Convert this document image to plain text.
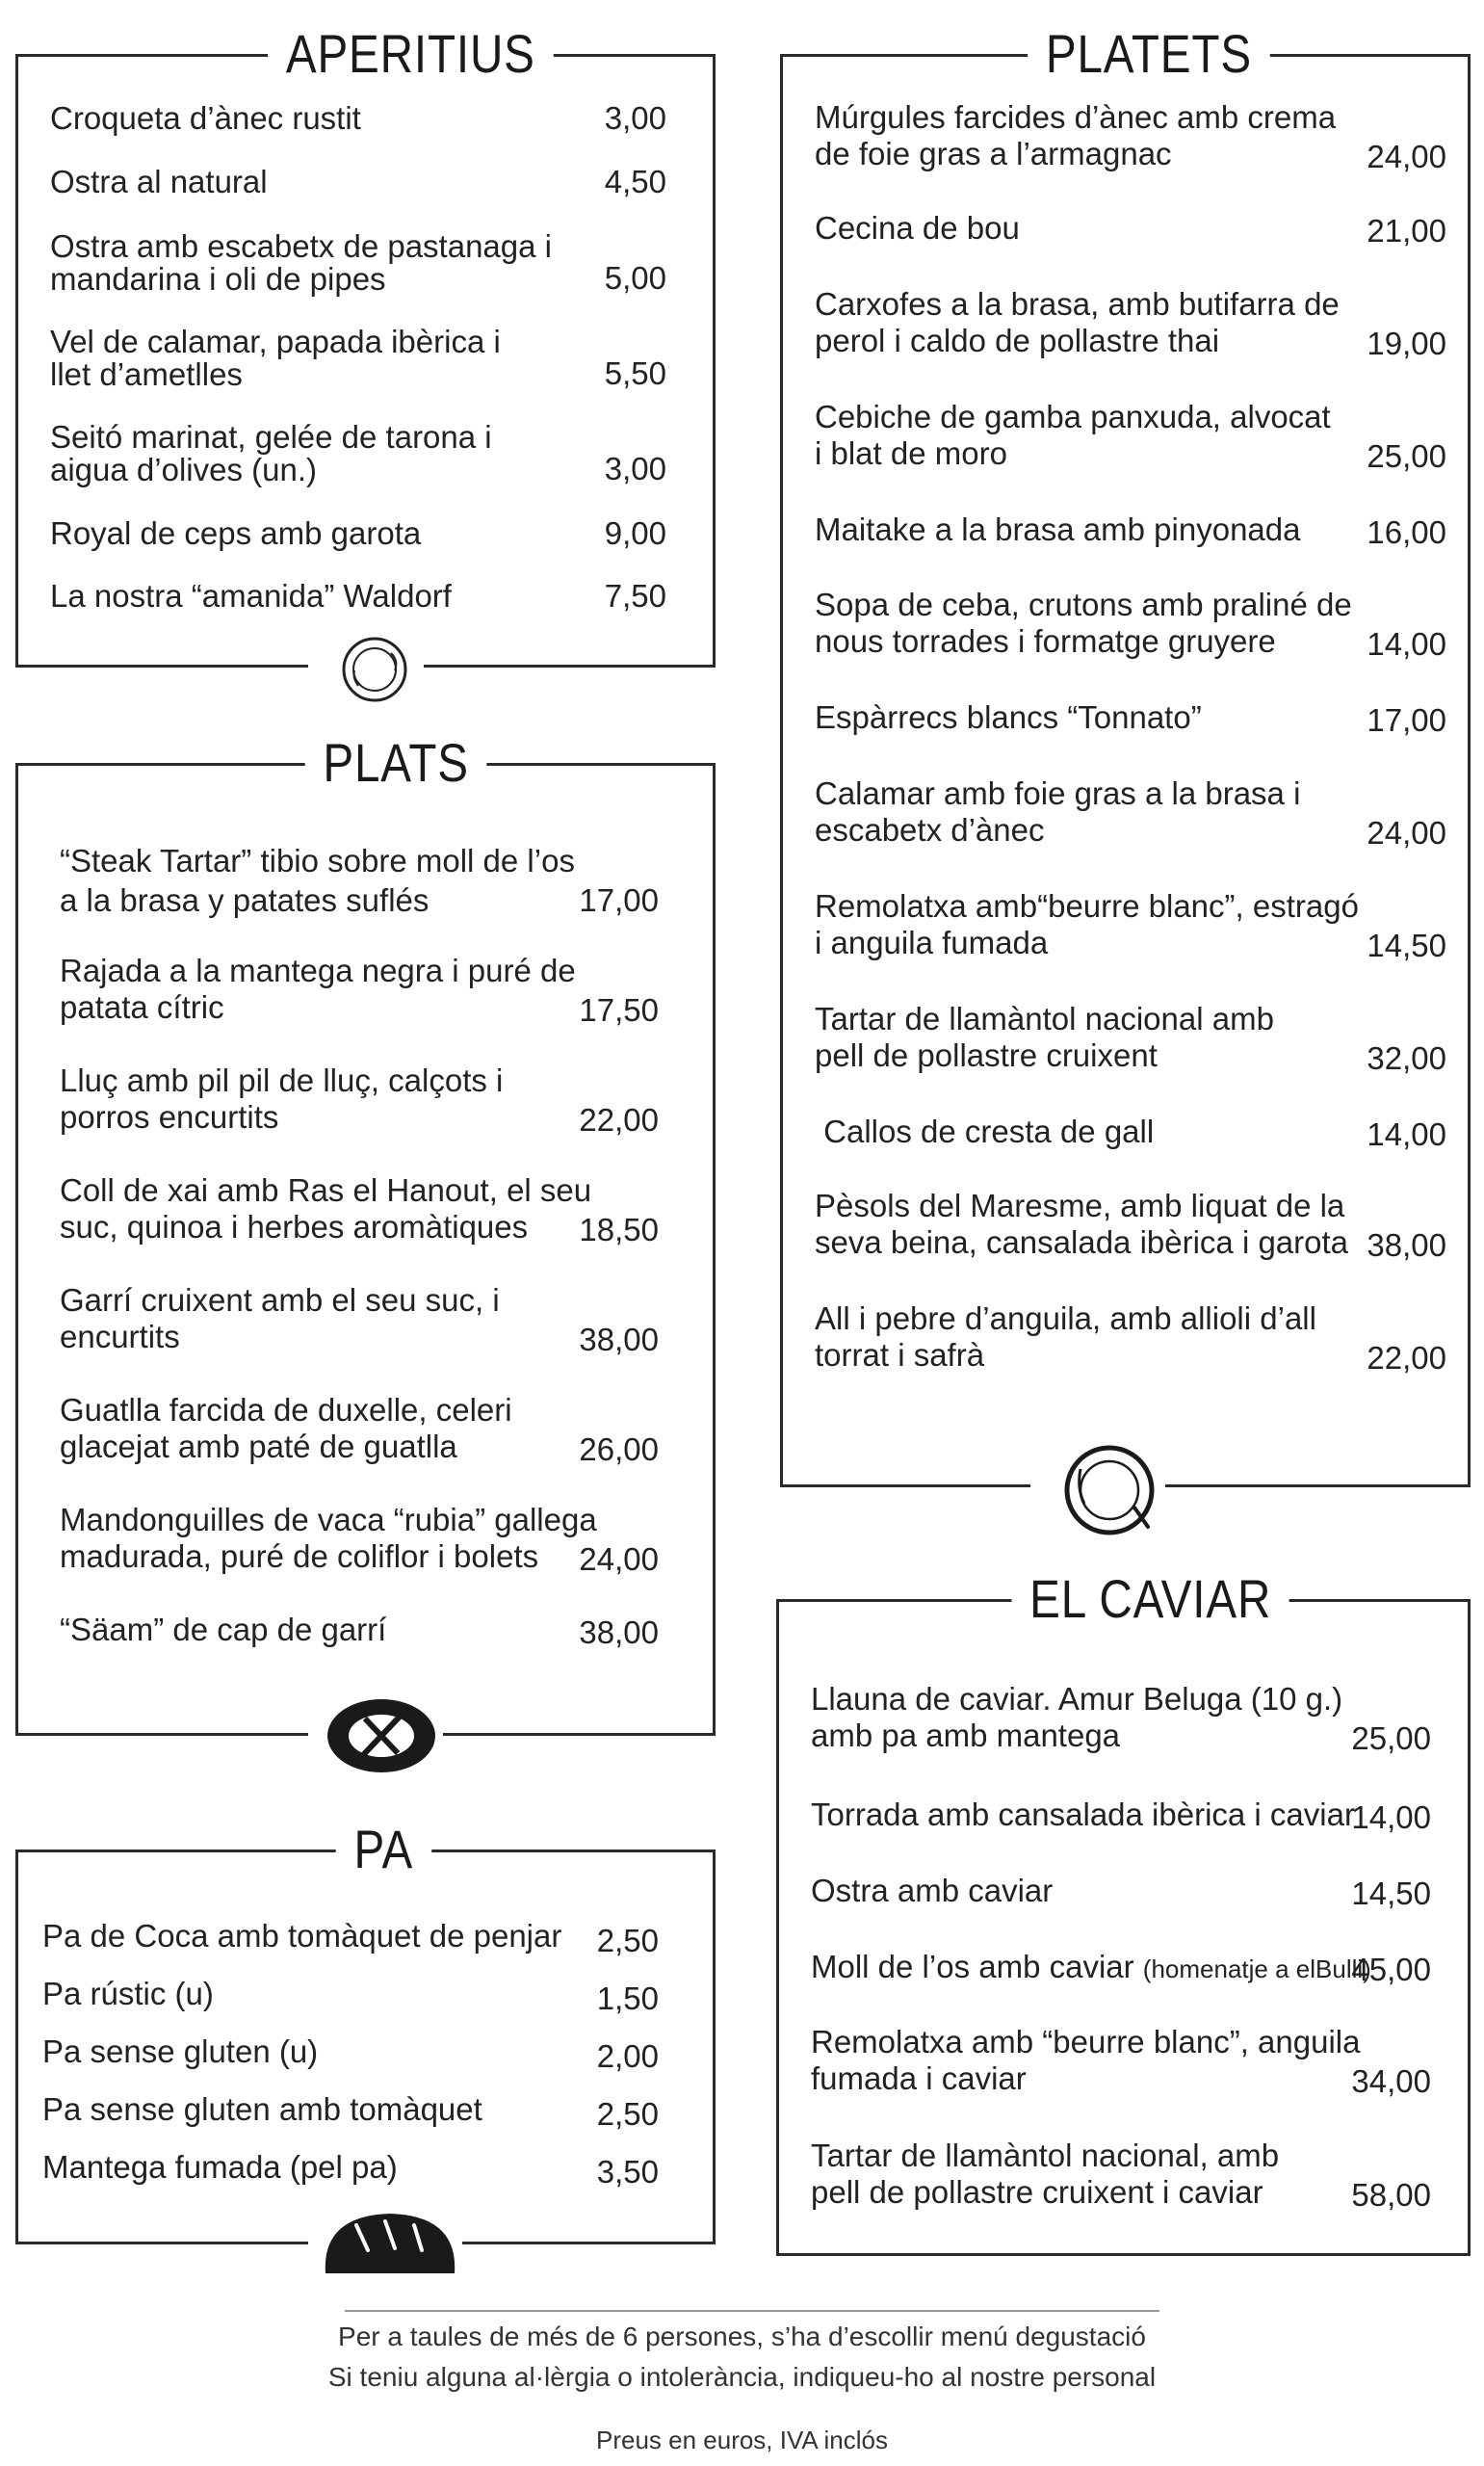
APERITIUS
Croqueta d’ànec rustit	3,00
Ostra al natural	4,50
Ostra amb escabetx de pastanaga i
mandarina i oli de pipes	5,00
Vel de calamar, papada ibèrica i
llet d’ametlles	5,50
Seitó marinat, gelée de tarona i
aigua d’olives (un.)	3,00
Royal de ceps amb garota	9,00
La nostra “amanida” Waldorf	7,50
PLATS
“Steak Tartar” tibio sobre moll de l’os
a la brasa y patates suflés	17,00
Rajada a la mantega negra i puré de
patata cítric	17,50
Lluç amb pil pil de lluç, calçots i
porros encurtits	22,00
Coll de xai amb Ras el Hanout, el seu
suc, quinoa i herbes aromàtiques 18,50
Garrí cruixent amb el seu suc, i
encurtits	38,00
Guatlla farcida de duxelle, celeri
glacejat amb paté de guatlla	26,00
Mandonguilles de vaca “rubia” gallega
madurada, puré de coliflor i bolets 24,00
“Säam” de cap de garrí	38,00
PA
Pa de Coca amb tomàquet de penjar 2,50
Pa rústic (u)	1,50
Pa sense gluten (u)	2,00
Pa sense gluten amb tomàquet	2,50
Mantega fumada (pel pa)	3,50
PLATETS
Múrgules farcides d’ànec amb crema
de foie gras a l’armagnac	24,00
Cecina de bou	21,00
Carxofes a la brasa, amb butifarra de
perol i caldo de pollastre thai	19,00
Cebiche de gamba panxuda, alvocat
i blat de moro	25,00
Maitake a la brasa amb pinyonada 16,00
Sopa de ceba, crutons amb praliné de
nous torrades i formatge gruyere	14,00
Espàrrecs blancs “Tonnato”	17,00
Calamar amb foie gras a la brasa i
escabetx d’ànec	24,00
Remolatxa amb“beurre blanc”, estragó
i anguila fumada	14,50
Tartar de llamàntol nacional amb
pell de pollastre cruixent	32,00
Callos de cresta de gall	14,00
Pèsols del Maresme, amb liquat de la
seva beina, cansalada ibèrica i garota 38,00
All i pebre d’anguila, amb allioli d’all
torrat i safrà	22,00
EL CAVIAR
Llauna de caviar. Amur Beluga (10 g.)
amb pa amb mantega	25,00
Torrada amb cansalada ibèrica i caviar
14,00
Ostra amb caviar	14,50
Moll de l’os amb caviar (homenatje a elBulli)
45,00
Remolatxa amb “beurre blanc”, anguila
fumada i caviar	34,00
Tartar de llamàntol nacional, amb
pell de pollastre cruixent i caviar	58,00
Per a taules de més de 6 persones, s’ha d’escollir menú degustació
Si teniu alguna al·lèrgia o intolerància, indiqueu-ho al nostre personal
Preus en euros, IVA inclós
